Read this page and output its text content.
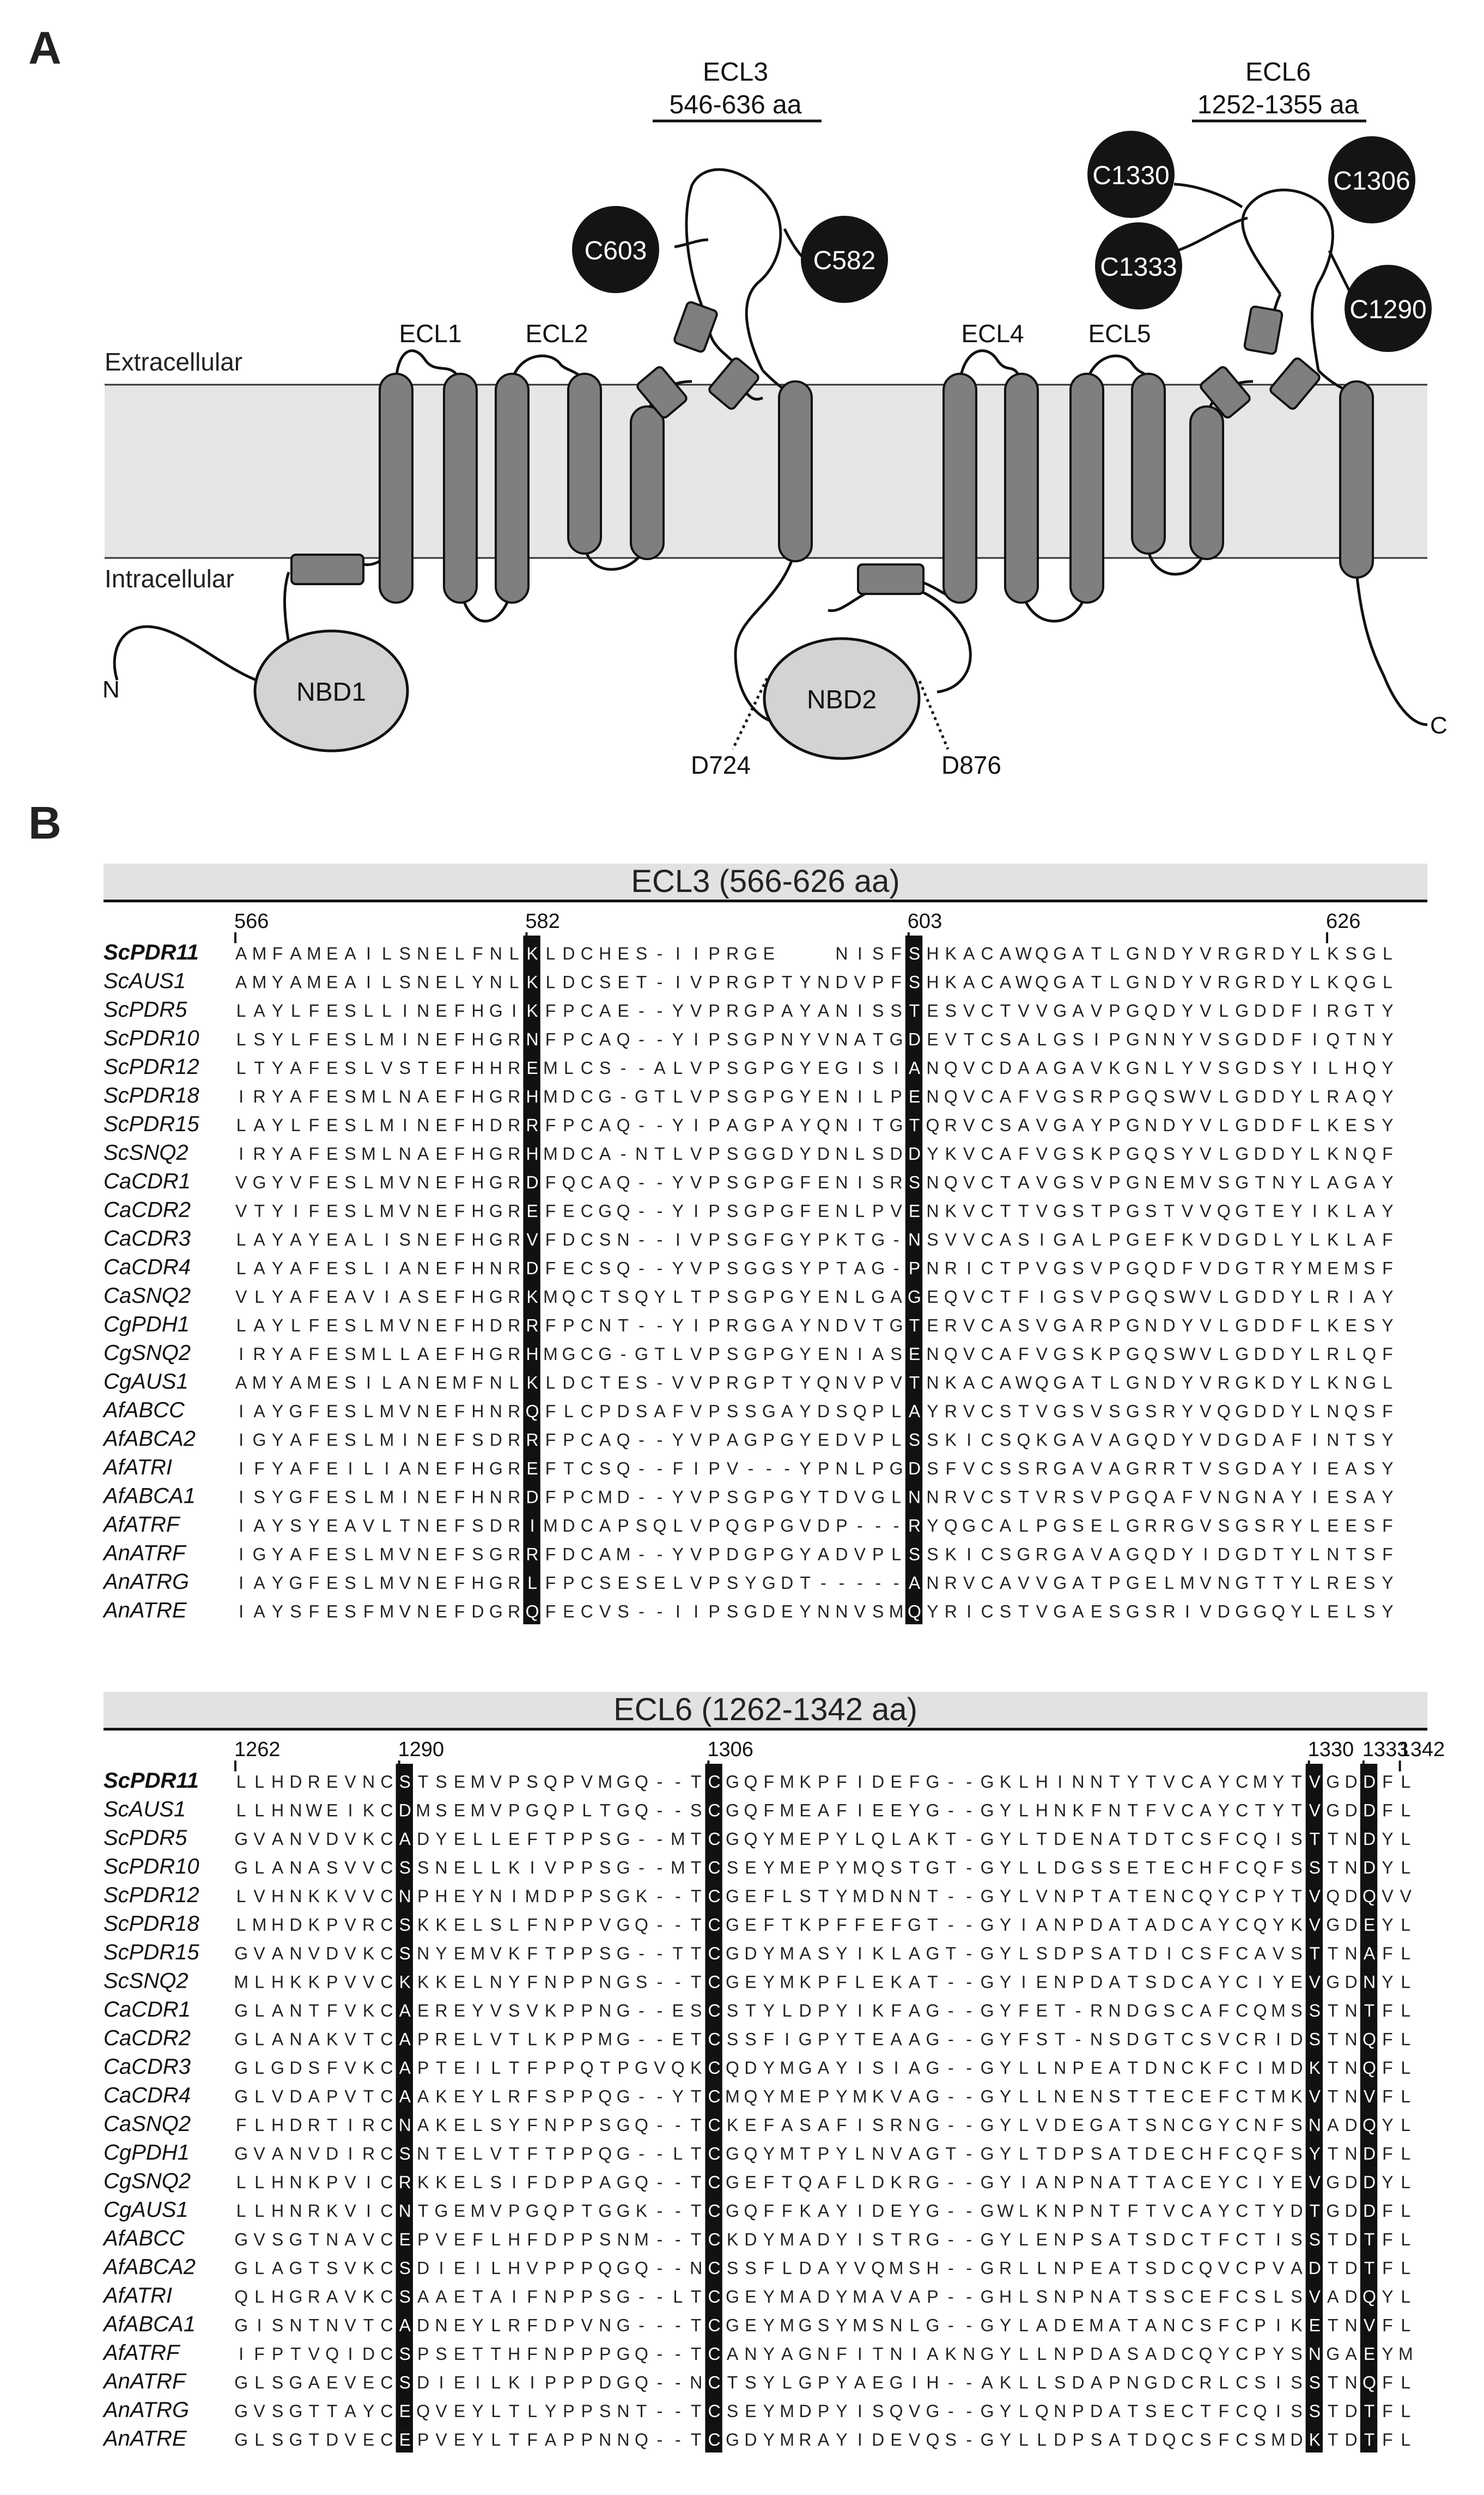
A
B
Extracellular
Intracellular
NBD1	NBD2
N
C
D724	D876
ECL1	ECL2	ECL4	ECL5
ECL3
546-636 aa
ECL6
1252-1355 aa
C603	C582
C1330	C1306
C1333
C1290
ECL3 (566-626 aa)
566	582	603	626
ScPDR11 A M F A M E A I L S N E L F N L K L D C H E S - I I P R G E	N I S F S H K A C A W Q G A T L G N D Y V R G R D Y L K S G L
ScAUS1	A M Y A M E A I L S N E L Y N L K L D C S E T - I V P R G P T Y N D V P F S H K A C A W Q G A T L G N D Y V R G R D Y L K Q G L
ScPDR5	L A Y L F E S L L I N E F H G I K F P C A E - - Y V P R G P A Y A N I S S T E S V C T V V G A V P G Q D Y V L G D D F I R G T Y
ScPDR10 L S Y L F E S L M I N E F H G R N F P C A Q - - Y I P S G P N Y V N A T G D E V T C S A L G S I P G N N Y V S G D D F I Q T N Y
ScPDR12 L T Y A F E S L V S T E F H H R E M L C S - - A L V P S G P G Y E G I S I A N Q V C D A A G A V K G N L Y V S G D S Y I L H Q Y
ScPDR18 I R Y A F E S M L N A E F H G R H M D C G - G T L V P S G P G Y E N I L P E N Q V C A F V G S R P G Q S W V L G D D Y L R A Q Y
ScPDR15 L A Y L F E S L M I N E F H D R R F P C A Q - - Y I P A G P A Y Q N I T G T Q R V C S A V G A Y P G N D Y V L G D D F L K E S Y
ScSNQ2	I R Y A F E S M L N A E F H G R H M D C A - N T L V P S G G D Y D N L S D D Y K V C A F V G S K P G Q S Y V L G D D Y L K N Q F
CaCDR1	V G Y V F E S L M V N E F H G R D F Q C A Q - - Y V P S G P G F E N I S R S N Q V C T A V G S V P G N E M V S G T N Y L A G A Y
CaCDR2	V T Y I F E S L M V N E F H G R E F E C G Q - - Y I P S G P G F E N L P V E N K V C T T V G S T P G S T V V Q G T E Y I K L A Y
CaCDR3	L A Y A Y E A L I S N E F H G R V F D C S N - - I V P S G F G Y P K T G - N S V V C A S I G A L P G E F K V D G D L Y L K L A F
CaCDR4	L A Y A F E S L I A N E F H N R D F E C S Q - - Y V P S G G S Y P T A G - P N R I C T P V G S V P G Q D F V D G T R Y M E M S F
CaSNQ2	V L Y A F E A V I A S E F H G R K M Q C T S Q Y L T P S G P G Y E N L G A G E Q V C T F I G S V P G Q S W V L G D D Y L R I A Y
CgPDH1	L A Y L F E S L M V N E F H D R R F P C N T - - Y I P R G G A Y N D V T G T E R V C A S V G A R P G N D Y V L G D D F L K E S Y
CgSNQ2	I R Y A F E S M L L A E F H G R H M G C G - G T L V P S G P G Y E N I A S E N Q V C A F V G S K P G Q S W V L G D D Y L R L Q F
CgAUS1	A M Y A M E S I L A N E M F N L K L D C T E S - V V P R G P T Y Q N V P V T N K A C A W Q G A T L G N D Y V R G K D Y L K N G L
AfABCC	I A Y G F E S L M V N E F H N R Q F L C P D S A F V P S S G A Y D S Q P L A Y R V C S T V G S V S G S R Y V Q G D D Y L N Q S F
AfABCA2 I G Y A F E S L M I N E F S D R R F P C A Q - - Y V P A G P G Y E D V P L S S K I C S Q K G A V A G Q D Y V D G D A F I N T S Y
AfATRI	I F Y A F E I L I A N E F H G R E F T C S Q - - F I P V - - - Y P N L P G D S F V C S S R G A V A G R R T V S G D A Y I E A S Y
AfABCA1 I S Y G F E S L M I N E F H N R D F P C M D - - Y V P S G P G Y T D V G L N N R V C S T V R S V P G Q A F V N G N A Y I E S A Y
AfATRF	I A Y S Y E A V L T N E F S D R I M D C A P S Q L V P Q G P G V D P - - - R Y Q G C A L P G S E L G R R G V S G S R Y L E E S F
AnATRF	I G Y A F E S L M V N E F S G R R F D C A M - - Y V P D G P G Y A D V P L S S K I C S G R G A V A G Q D Y I D G D T Y L N T S F
AnATRG	I A Y G F E S L M V N E F H G R L F P C S E S E L V P S Y G D T - - - - - A N R V C A V V G A T P G E L M V N G T T Y L R E S Y
AnATRE	I A Y S F E S F M V N E F D G R Q F E C V S - - I I P S G D E Y N N V S M Q Y R I C S T V G A E S G S R I V D G G Q Y L E L S Y
ECL6 (1262-1342 aa)
1262	1290	1306	1330 1333
1342
ScPDR11 L L H D R E V N C S T S E M V P S Q P V M G Q - - T C G Q F M K P F I D E F G - - G K L H I N N T Y T V C A Y C M Y T V G D D F L
ScAUS1	L L H N W E I K C D M S E M V P G Q P L T G Q - - S C G Q F M E A F I E E Y G - - G Y L H N K F N T F V C A Y C T Y T V G D D F L
ScPDR5	G V A N V D V K C A D Y E L L E F T P P S G - - M T C G Q Y M E P Y L Q L A K T - G Y L T D E N A T D T C S F C Q I S T T N D Y L
ScPDR10 G L A N A S V V C S S N E L L K I V P P S G - - M T C S E Y M E P Y M Q S T G T - G Y L L D G S S E T E C H F C Q F S S T N D Y L
ScPDR12 L V H N K K V V C N P H E Y N I M D P P S G K - - T C G E F L S T Y M D N N T - - G Y L V N P T A T E N C Q Y C P Y T V Q D Q V V
ScPDR18 L M H D K P V R C S K K E L S L F N P P V G Q - - T C G E F T K P F F E F G T - - G Y I A N P D A T A D C A Y C Q Y K V G D E Y L
ScPDR15 G V A N V D V K C S N Y E M V K F T P P S G - - T T C G D Y M A S Y I K L A G T - G Y L S D P S A T D I C S F C A V S T T N A F L
ScSNQ2	M L H K K P V V C K K K E L N Y F N P P N G S - - T C G E Y M K P F L E K A T - - G Y I E N P D A T S D C A Y C I Y E V G D N Y L
CaCDR1	G L A N T F V K C A E R E Y V S V K P P N G - - E S C S T Y L D P Y I K F A G - - G Y F E T - R N D G S C A F C Q M S S T N T F L
CaCDR2	G L A N A K V T C A P R E L V T L K P P M G - - E T C S S F I G P Y T E A A G - - G Y F S T - N S D G T C S V C R I D S T N Q F L
CaCDR3	G L G D S F V K C A P T E I L T F P P Q T P G V Q K C Q D Y M G A Y I S I A G - - G Y L L N P E A T D N C K F C I M D K T N Q F L
CaCDR4	G L V D A P V T C A A K E Y L R F S P P Q G - - Y T C M Q Y M E P Y M K V A G - - G Y L L N E N S T T E C E F C T M K V T N V F L
CaSNQ2	F L H D R T I R C N A K E L S Y F N P P S G Q - - T C K E F A S A F I S R N G - - G Y L V D E G A T S N C G Y C N F S N A D Q Y L
CgPDH1	G V A N V D I R C S N T E L V T F T P P Q G - - L T C G Q Y M T P Y L N V A G T - G Y L T D P S A T D E C H F C Q F S Y T N D F L
CgSNQ2	L L H N K P V I C R K K E L S I F D P P A G Q - - T C G E F T Q A F L D K R G - - G Y I A N P N A T T A C E Y C I Y E V G D D Y L
CgAUS1	L L H N R K V I C N T G E M V P G Q P T G G K - - T C G Q F F K A Y I D E Y G - - G W L K N P N T F T V C A Y C T Y D T G D D F L
AfABCC	G V S G T N A V C E P V E F L H F D P P S N M - - T C K D Y M A D Y I S T R G - - G Y L E N P S A T S D C T F C T I S S T D T F L
AfABCA2 G L A G T S V K C S D I E I L H V P P P Q G Q - - N C S S F L D A Y V Q M S H - - G R L L N P E A T S D C Q V C P V A D T D T F L
AfATRI	Q L H G R A V K C S A A E T A I F N P P S G - - L T C G E Y M A D Y M A V A P - - G H L S N P N A T S S C E F C S L S V A D Q Y L
AfABCA1 G I S N T N V T C A D N E Y L R F D P V N G - - - T C G E Y M G S Y M S N L G - - G Y L A D E M A T A N C S F C P I K E T N V F L
AfATRF	I F P T V Q I D C S P S E T T H F N P P P G Q - - T C A N Y A G N F I T N I A K N G Y L L N P D A S A D C Q Y C P Y S N G A E Y M
AnATRF	G L S G A E V E C S D I E I L K I P P P D G Q - - N C T S Y L G P Y A E G I H - - A K L L S D A P N G D C R L C S I S S T N Q F L
AnATRG	G V S G T T A Y C E Q V E Y L T L Y P P S N T - - T C S E Y M D P Y I S Q V G - - G Y L Q N P D A T S E C T F C Q I S S T D T F L
AnATRE	G L S G T D V E C E P V E Y L T F A P P N N Q - - T C G D Y M R A Y I D E V Q S - G Y L L D P S A T D Q C S F C S M D K T D T F L
